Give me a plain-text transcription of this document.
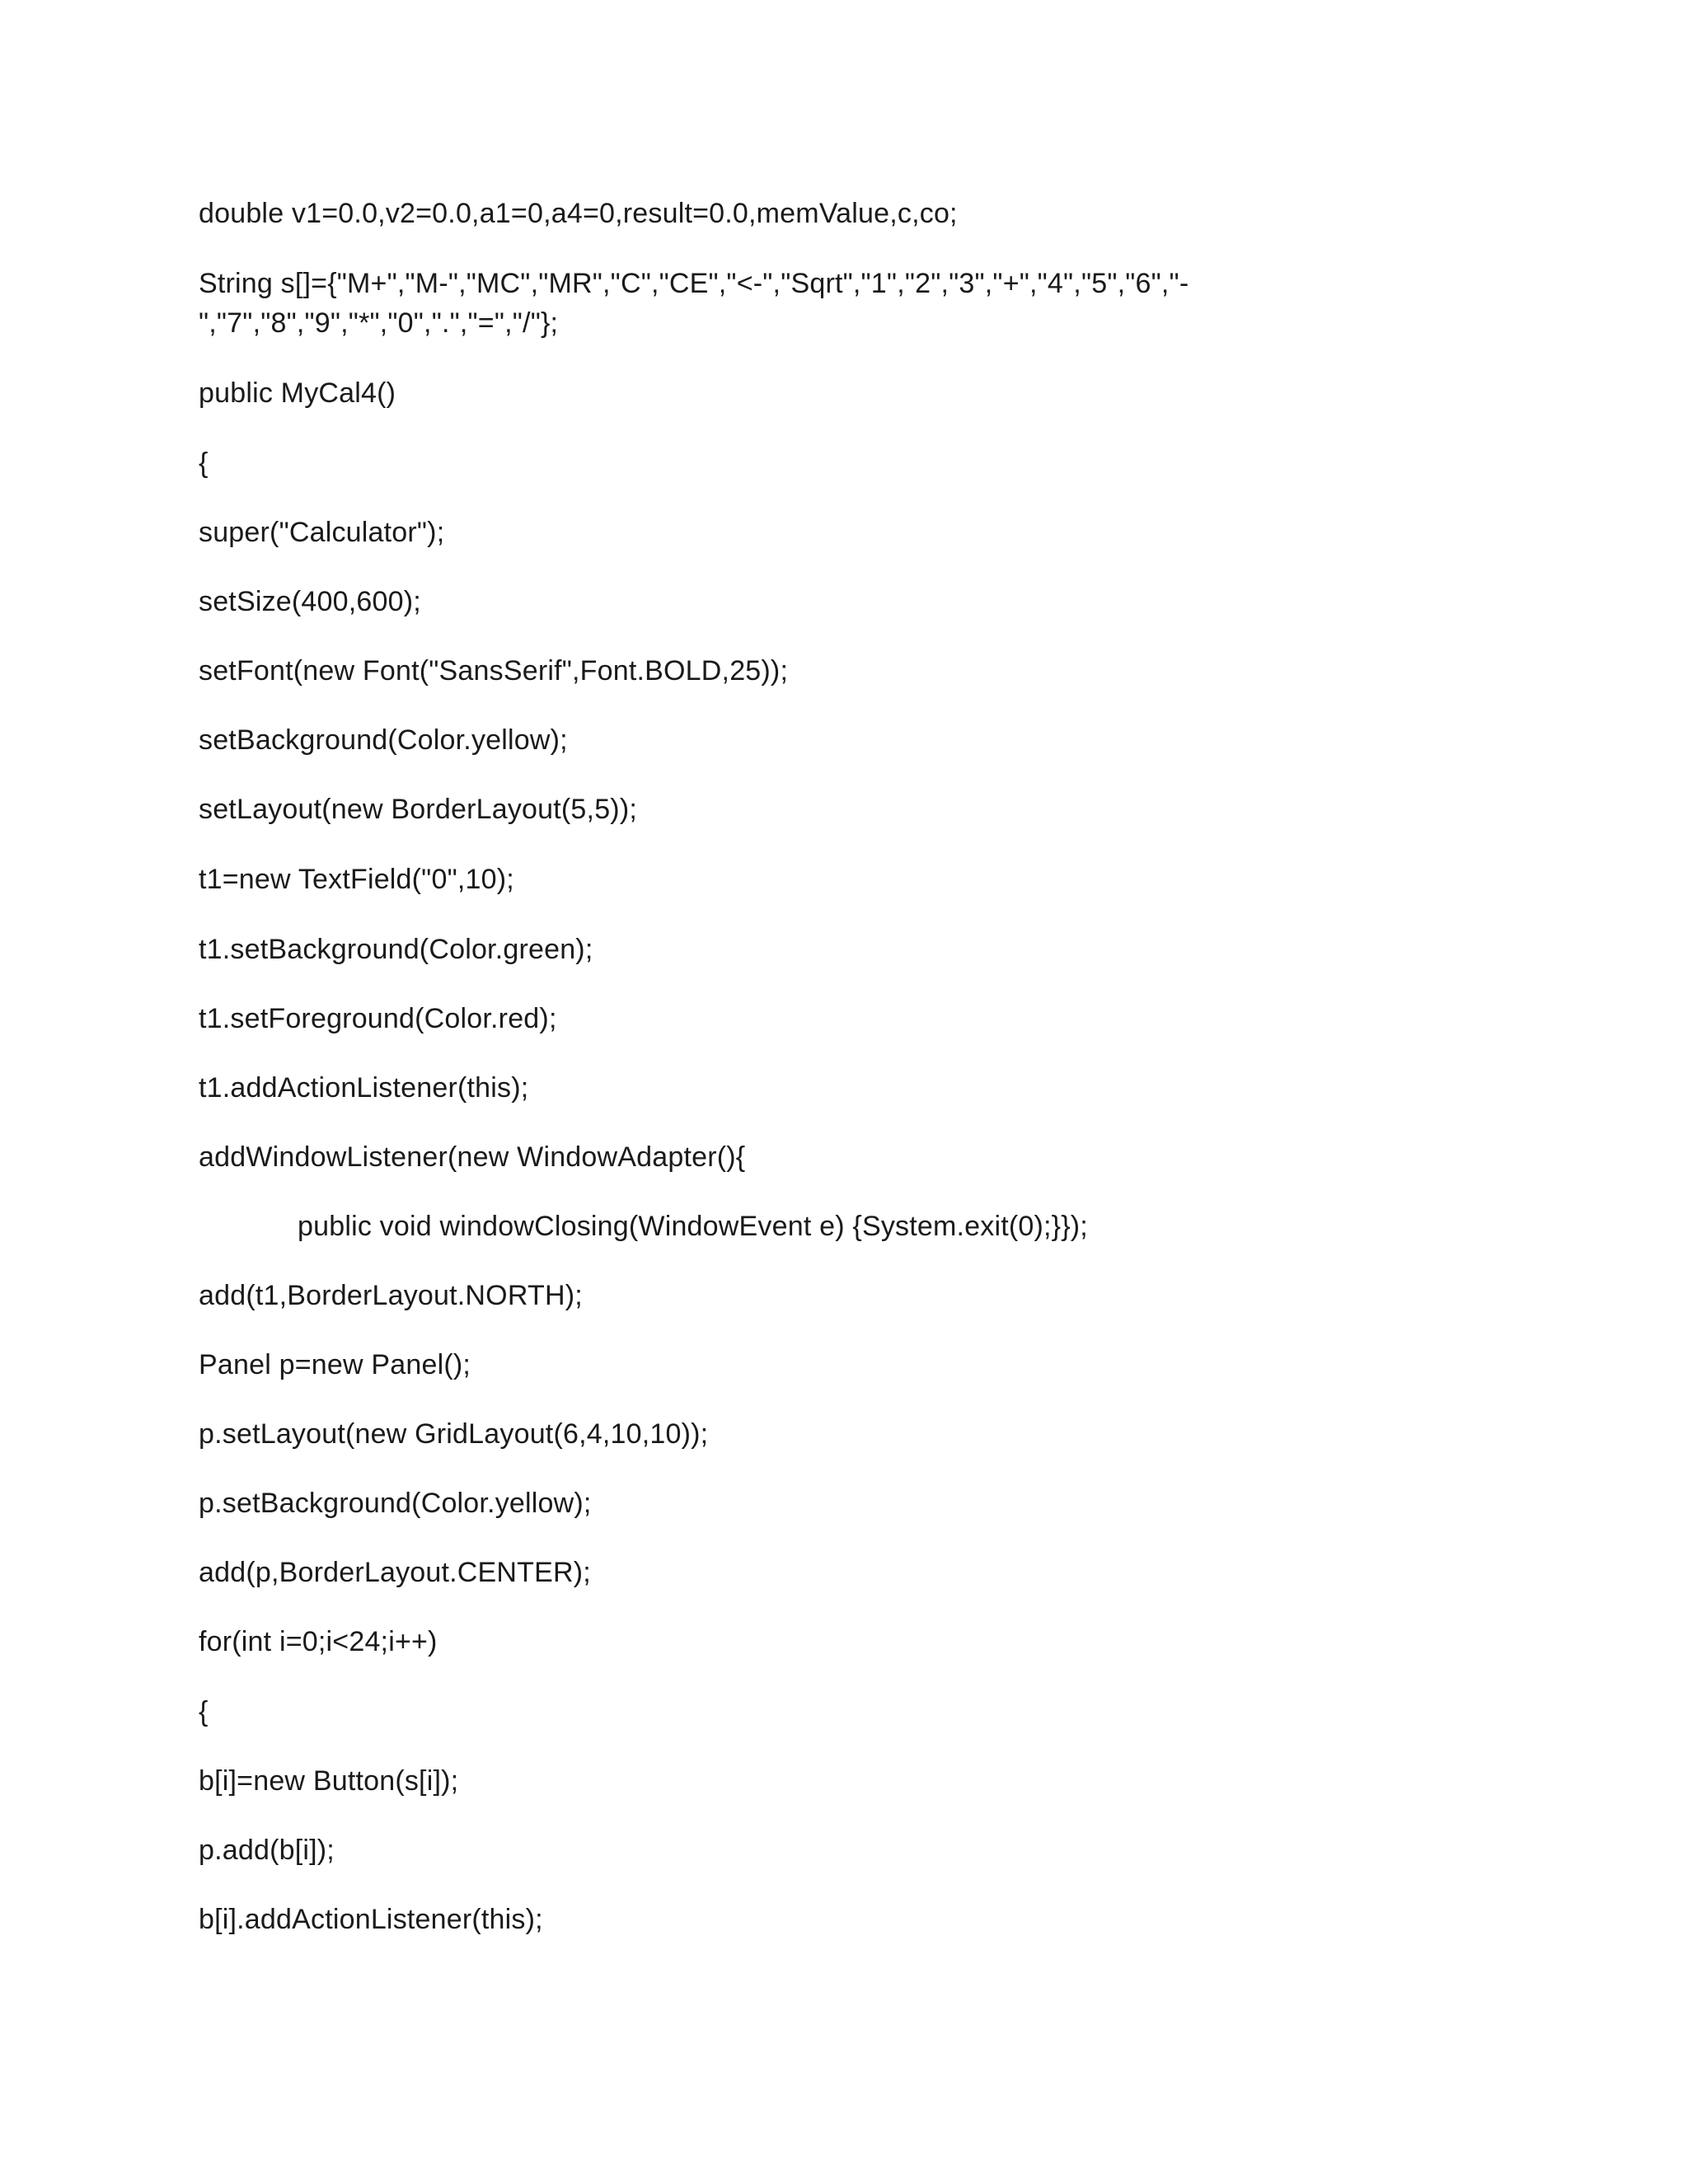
double v1=0.0,v2=0.0,a1=0,a4=0,result=0.0,memValue,c,co;

String s[]={"M+","M-","MC","MR","C","CE","<-","Sqrt","1","2","3","+","4","5","6","-

","7","8","9","*","0",".","=","/"};

public MyCal4()

{

super("Calculator");

setSize(400,600);

setFont(new Font("SansSerif",Font.BOLD,25));

setBackground(Color.yellow);

setLayout(new BorderLayout(5,5));

t1=new TextField("0",10);

t1.setBackground(Color.green);

t1.setForeground(Color.red);

t1.addActionListener(this);

addWindowListener(new WindowAdapter(){

public void windowClosing(WindowEvent e) {System.exit(0);}});

add(t1,BorderLayout.NORTH);

Panel p=new Panel();

p.setLayout(new GridLayout(6,4,10,10));

p.setBackground(Color.yellow);

add(p,BorderLayout.CENTER);

for(int i=0;i<24;i++)

{

b[i]=new Button(s[i]);

p.add(b[i]);

b[i].addActionListener(this);
